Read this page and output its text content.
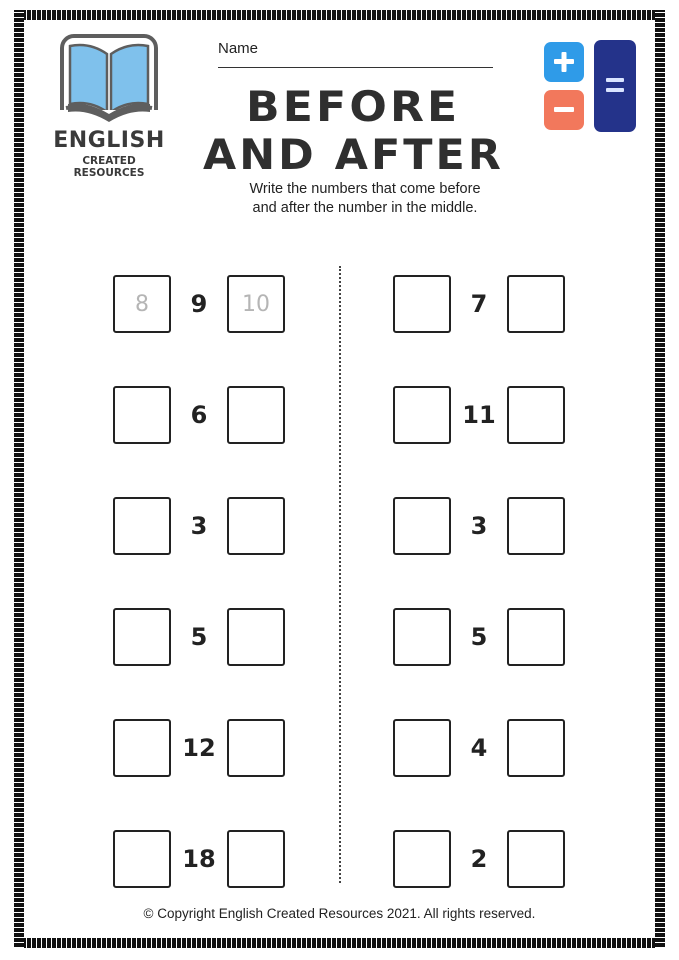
ENGLISH
CREATED RESOURCES
Name
BEFORE
AND AFTER
Write the numbers that come before
and after the number in the middle.
8	9	10
6
3
5
12
18
7
11
3
5
4
2
© Copyright English Created Resources 2021. All rights reserved.
